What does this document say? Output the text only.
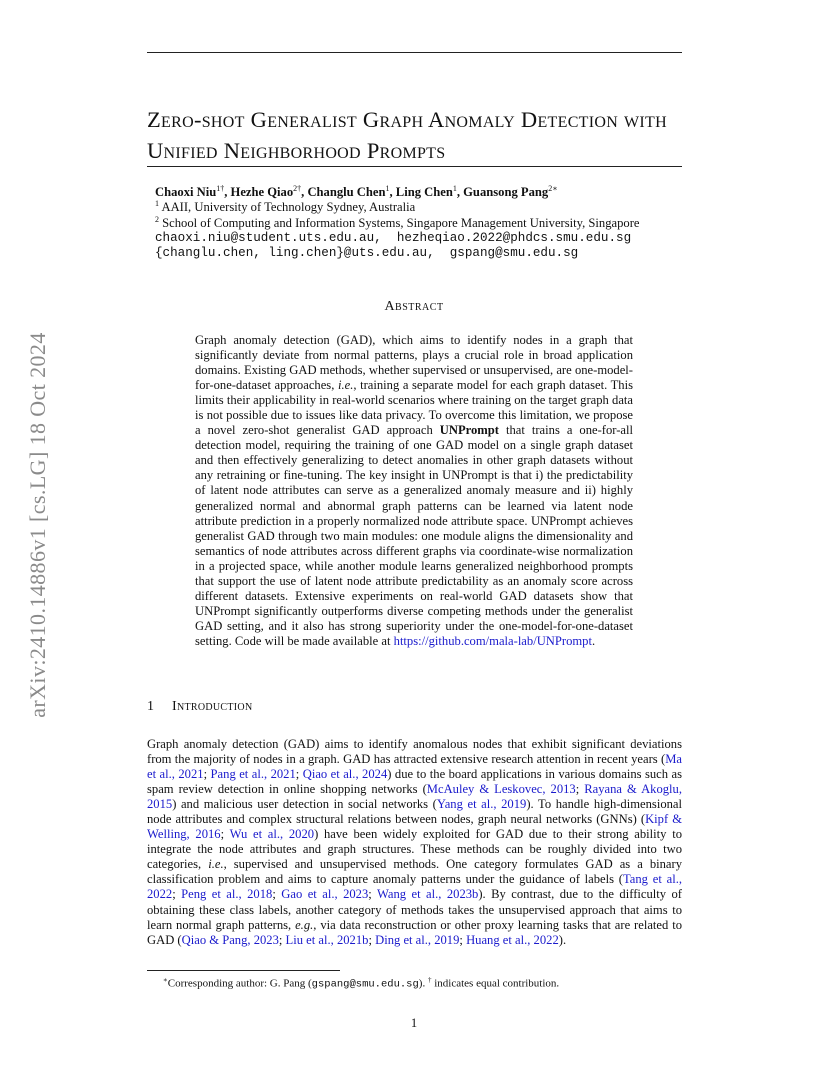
arXiv:2410.14886v1 [cs.LG] 18 Oct 2024
Zero-shot Generalist Graph Anomaly Detection with Unified Neighborhood Prompts
Chaoxi Niu$^{1\dagger}$, Hezhe Qiao$^{2\dagger}$, Changlu Chen$^1$, Ling Chen$^1$, Guansong Pang$^{2∗}$
$^1$ AAII, University of Technology Sydney, Australia
$^2$ School of Computing and Information Systems, Singapore Management University, Singapore
chaoxi.niu@student.uts.edu.au,  hezheqiao.2022@phdcs.smu.edu.sg
{changlu.chen, ling.chen}@uts.edu.au,  gspang@smu.edu.sg
Abstract
Graph anomaly detection (GAD), which aims to identify nodes in a graph that significantly deviate from normal patterns, plays a crucial role in broad application domains. Existing GAD methods, whether supervised or unsupervised, are one-model-for-one-dataset approaches, i.e., training a separate model for each graph dataset. This limits their applicability in real-world scenarios where training on the target graph data is not possible due to issues like data privacy. To overcome this limitation, we propose a novel zero-shot generalist GAD approach UNPrompt that trains a one-for-all detection model, requiring the training of one GAD model on a single graph dataset and then effectively generalizing to detect anomalies in other graph datasets without any retraining or fine-tuning. The key insight in UNPrompt is that i) the predictability of latent node attributes can serve as a generalized anomaly measure and ii) highly generalized normal and abnormal graph patterns can be learned via latent node attribute prediction in a properly normalized node attribute space. UNPrompt achieves generalist GAD through two main modules: one module aligns the dimensionality and semantics of node attributes across different graphs via coordinate-wise normalization in a projected space, while another module learns generalized neighborhood prompts that support the use of latent node attribute predictability as an anomaly score across different datasets. Extensive experiments on real-world GAD datasets show that UNPrompt significantly outperforms diverse competing methods under the generalist GAD setting, and it also has strong superiority under the one-model-for-one-dataset setting. Code will be made available at https://github.com/mala-lab/UNPrompt.
1 Introduction
Graph anomaly detection (GAD) aims to identify anomalous nodes that exhibit significant deviations from the majority of nodes in a graph. GAD has attracted extensive research attention in recent years (Ma et al., 2021; Pang et al., 2021; Qiao et al., 2024) due to the board applications in various domains such as spam review detection in online shopping networks (McAuley & Leskovec, 2013; Rayana & Akoglu, 2015) and malicious user detection in social networks (Yang et al., 2019). To handle high-dimensional node attributes and complex structural relations between nodes, graph neural networks (GNNs) (Kipf & Welling, 2016; Wu et al., 2020) have been widely exploited for GAD due to their strong ability to integrate the node attributes and graph structures. These methods can be roughly divided into two categories, i.e., supervised and unsupervised methods. One category formulates GAD as a binary classification problem and aims to capture anomaly patterns under the guidance of labels (Tang et al., 2022; Peng et al., 2018; Gao et al., 2023; Wang et al., 2023b). By contrast, due to the difficulty of obtaining these class labels, another category of methods takes the unsupervised approach that aims to learn normal graph patterns, e.g., via data reconstruction or other proxy learning tasks that are related to GAD (Qiao & Pang, 2023; Liu et al., 2021b; Ding et al., 2019; Huang et al., 2022).
∗Corresponding author: G. Pang (gspang@smu.edu.sg). † indicates equal contribution.
1
